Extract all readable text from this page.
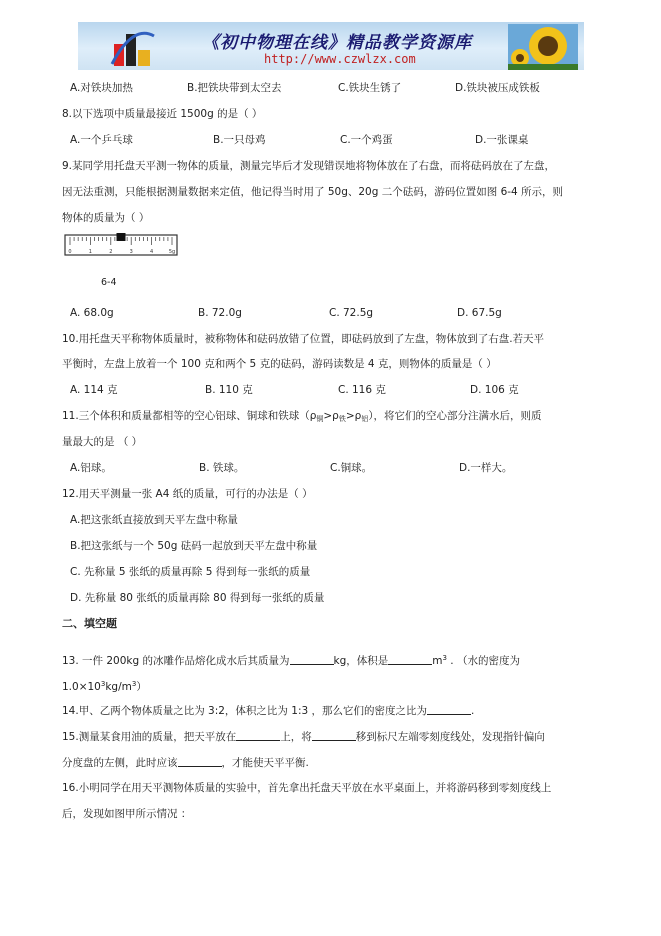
《初中物理在线》精品教学资源库
http://www.czwlzx.com
A.对铁块加热	B.把铁块带到太空去	C.铁块生锈了	D.铁块被压成铁板
8.以下选项中质量最接近 1500g 的是（ ）
A.一个乒乓球	B.一只母鸡	C.一个鸡蛋	D.一张课桌
9.某同学用托盘天平测一物体的质量，测量完毕后才发现错误地将物体放在了右盘，而将砝码放在了左盘，
因无法重测，只能根据测量数据来定值，他记得当时用了 50g、20g 二个砝码，游码位置如图 6-4 所示，则
物体的质量为（ ）
0	1	2	3	4	5g
6-4
A. 68.0g	B. 72.0g	C. 72.5g	D. 67.5g
10.用托盘天平称物体质量时，被称物体和砝码放错了位置，即砝码放到了左盘，物体放到了右盘.若天平
平衡时，左盘上放着一个 100 克和两个 5 克的砝码，游码读数是 4 克，则物体的质量是（ ）
A. 114 克	B. 110 克	C. 116 克	D. 106 克
11.三个体积和质量都相等的空心铝球、铜球和铁球$(\rho_铜>\rho_铁>\rho_铝)$，将它们的空心部分注满水后，则质
量最大的是 （ ）
A.铝球。	B. 铁球。	C.铜球。	D.一样大。
12.用天平测量一张 A4 纸的质量，可行的办法是（ ）
A.把这张纸直接放到天平左盘中称量
B.把这张纸与一个 50g 砝码一起放到天平左盘中称量
C. 先称量 5 张纸的质量再除 5 得到每一张纸的质量
D. 先称量 80 张纸的质量再除 80 得到每一张纸的质量
二、填空题
13. 一件 200kg 的冰雕作品熔化成水后其质量为	kg，体积是	$m^3$ . （水的密度为
$1.0\times 10^3kg/m^3$）
14.甲、乙两个物体质量之比为 3:2，体积之比为 1:3 ，那么它们的密度之比为	.
15.测量某食用油的质量，把天平放在	上，将	移到标尺左端零刻度线处，发现指针偏向
分度盘的左侧，此时应该	，才能使天平平衡.
16.小明同学在用天平测物体质量的实验中，首先拿出托盘天平放在水平桌面上，并将游码移到零刻度线上
后，发现如图甲所示情况 ：
